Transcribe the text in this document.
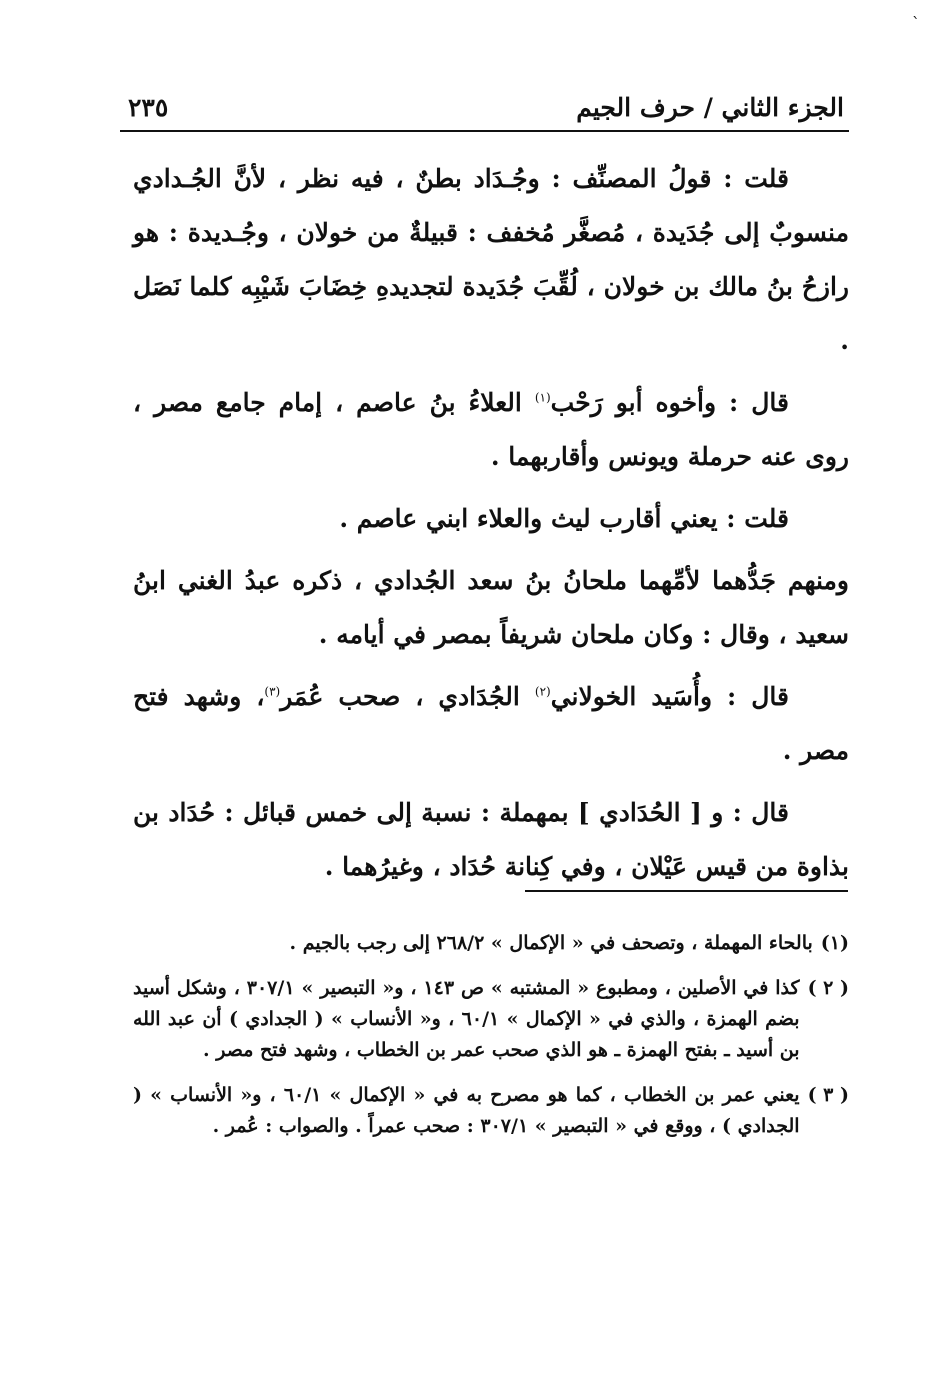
`
الجزء الثاني / حرف الجيم
٢٣٥

قلت : قولُ المصنِّف : وجُـدَاد بطنٌ ، فيه نظر ، لأنَّ الجُـدادي منسوبٌ إلى جُدَيدة ، مُصغَّر مُخفف : قبيلةٌ من خولان ، وجُـديدة : هو رازحُ بنُ مالك بن خولان ، لُقِّبَ جُدَيدة لتجديدهِ خِضَابَ شَيْبِه كلما نَصَل .

قال : وأخوه أبو رَحْب$^{(١)}$ العلاءُ بنُ عاصم ، إمام جامع مصر ، روى عنه حرملة ويونس وأقاربهما .

قلت : يعني أقارب ليث والعلاء ابني عاصم .

ومنهم جَدُّهما لأمِّهما ملحانُ بنُ سعد الجُدادي ، ذكره عبدُ الغني ابنُ سعيد ، وقال : وكان ملحان شريفاً بمصر في أيامه .

قال : وأُسَيد الخولاني$^{(٢)}$ الجُدَادي ، صحب عُمَر$^{(٣)}$، وشهد فتح مصر .

قال : و [ الحُدَادي ] بمهملة : نسبة إلى خمس قبائل : حُدَاد بن بذاوة من قيس عَيْلان ، وفي كِنانة حُدَاد ، وغيرُهما .

(١)
بالحاء المهملة ، وتصحف في « الإكمال » ٢٦٨/٢ إلى رجب بالجيم .
( ٢ )
كذا في الأصلين ، ومطبوع « المشتبه » ص ١٤٣ ، و« التبصير » ٣٠٧/١ ، وشكل أسيد بضم الهمزة ، والذي في « الإكمال » ٦٠/١ ، و« الأنساب » ( الجدادي ) أن عبد الله بن أسيد ـ بفتح الهمزة ـ هو الذي صحب عمر بن الخطاب ، وشهد فتح مصر .
( ٣ )
يعني عمر بن الخطاب ، كما هو مصرح به في « الإكمال » ٦٠/١ ، و« الأنساب » ( الجدادي ) ، ووقع في « التبصير » ٣٠٧/١ : صحب عمراً . والصواب : عُمر .
